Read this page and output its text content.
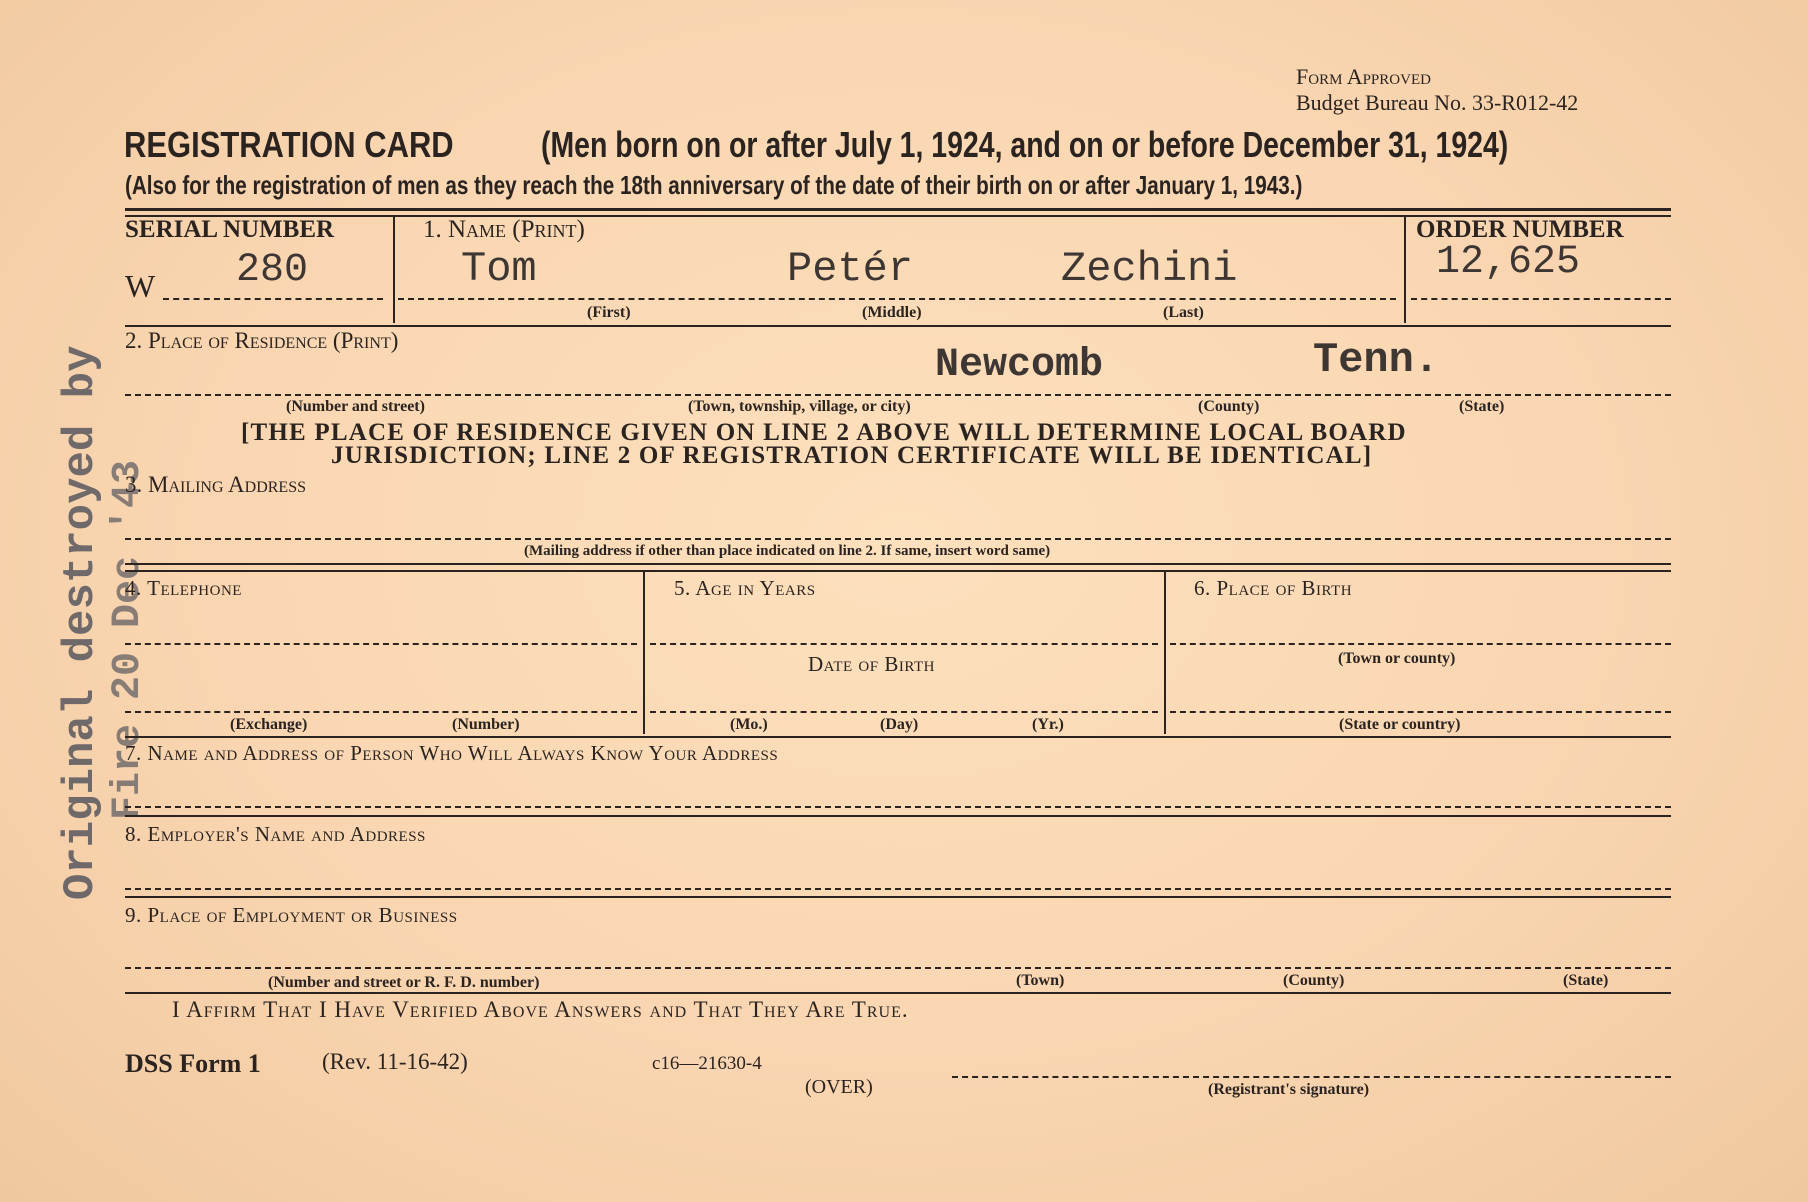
Original destroyed by Fire 20 Dec '43
Form Approved
Budget Bureau No. 33-R012-42
REGISTRATION CARD (Men born on or after July 1, 1924, and on or before December 31, 1924)
(Also for the registration of men as they reach the 18th anniversary of the date of their birth on or after January 1, 1943.)
SERIAL NUMBER
W 280
1. Name (Print)
Tom	Petér	Zechini
(First)	(Middle)	(Last)
ORDER NUMBER
12,625
2. Place of Residence (Print)
Newcomb	Tenn.
(Number and street)	(Town, township, village, or city)	(County)	(State)
[THE PLACE OF RESIDENCE GIVEN ON LINE 2 ABOVE WILL DETERMINE LOCAL BOARD
JURISDICTION; LINE 2 OF REGISTRATION CERTIFICATE WILL BE IDENTICAL]
3. Mailing Address
(Mailing address if other than place indicated on line 2. If same, insert word same)
4. Telephone
(Exchange)	(Number)
5. Age in Years
Date of Birth
(Mo.)	(Day)	(Yr.)
6. Place of Birth
(Town or county)
(State or country)
7. Name and Address of Person Who Will Always Know Your Address
8. Employer's Name and Address
9. Place of Employment or Business
(Number and street or R. F. D. number)	(Town)	(County)	(State)
I Affirm That I Have Verified Above Answers and That They Are True.
DSS Form 1	(Rev. 11-16-42)	c16—21630-4
(OVER)	(Registrant's signature)
